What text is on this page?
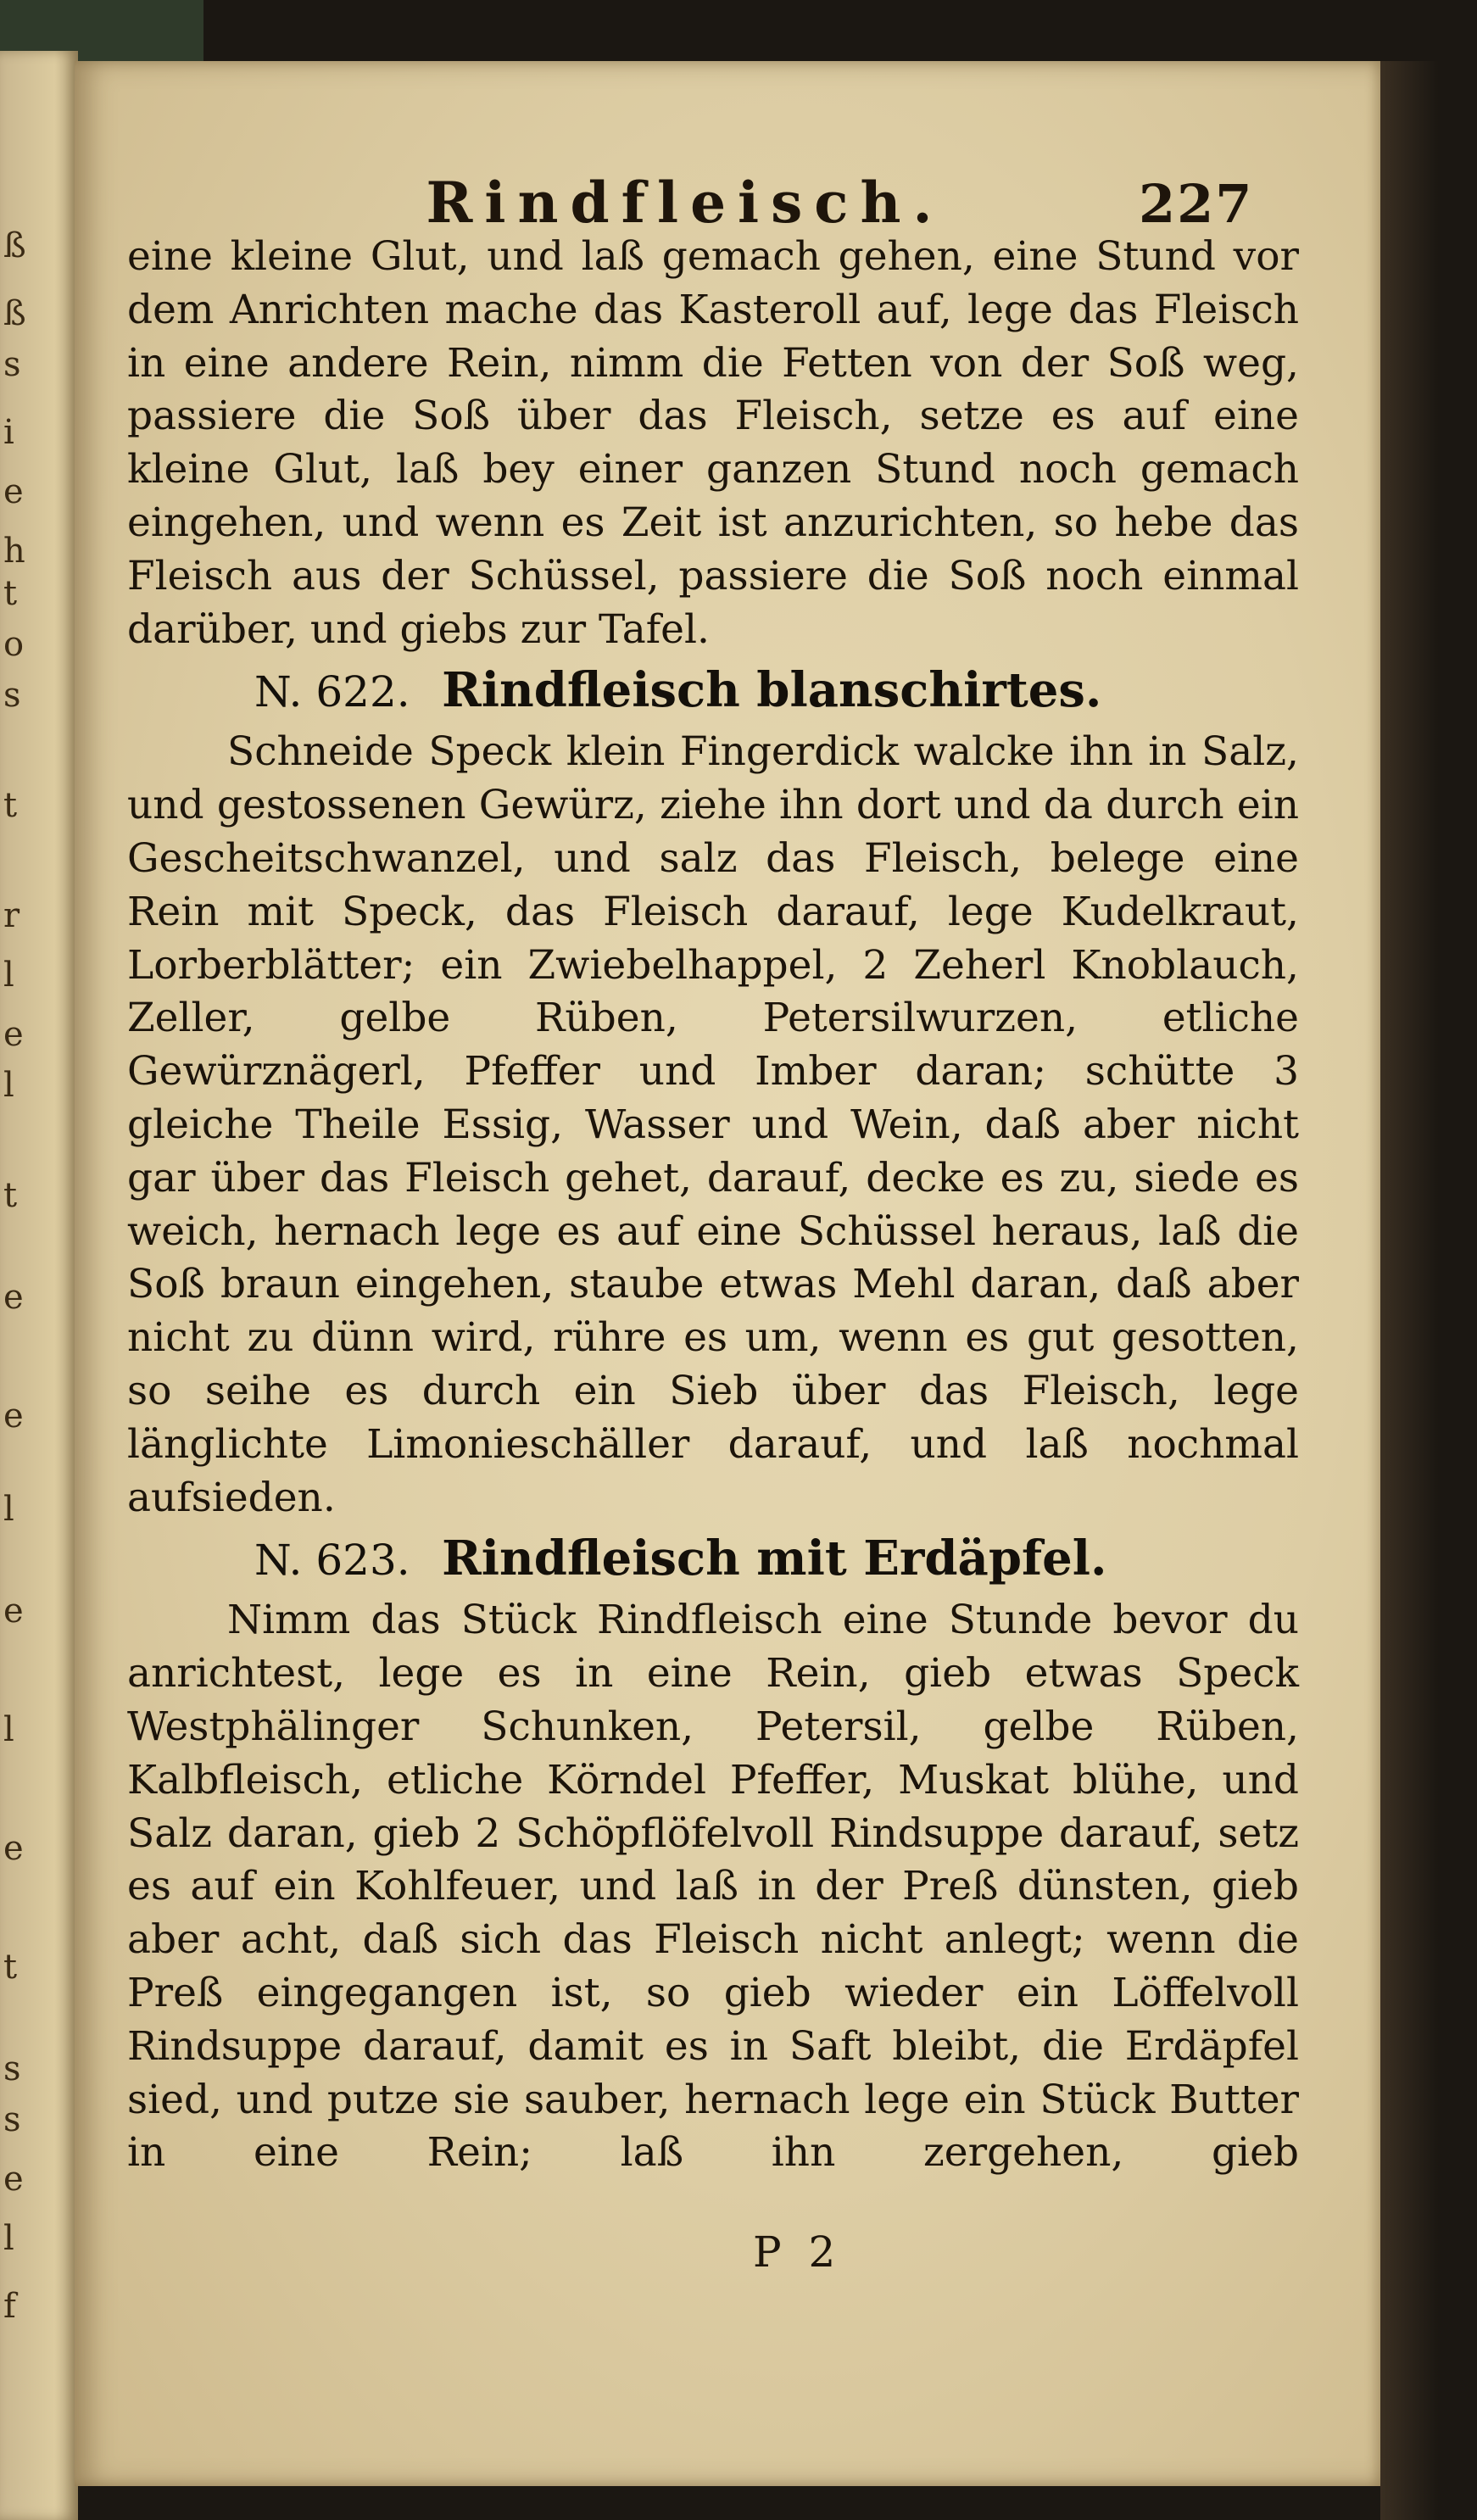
ß
ß
s
i
e
h
t
o
s
t
r
l
e
l
t
e
e
l
e
l
e
t
s
s
e
l
f
Rindfleisch.	227

eine kleine Glut, und laß gemach gehen, eine Stund vor dem Anrichten mache das Kasteroll auf, lege das Fleisch in eine andere Rein, nimm die Fetten von der Soß weg, passiere die Soß über das Fleisch, setze es auf eine kleine Glut, laß bey einer ganzen Stund noch gemach eingehen, und wenn es Zeit ist anzurichten, so hebe das Fleisch aus der Schüssel, passiere die Soß noch einmal darüber, und giebs zur Tafel.

N. 622. Rindfleisch blanschirtes.

Schneide Speck klein Fingerdick walcke ihn in Salz, und gestossenen Gewürz, ziehe ihn dort und da durch ein Gescheitschwanzel, und salz das Fleisch, belege eine Rein mit Speck, das Fleisch darauf, lege Kudelkraut, Lorberblätter; ein Zwiebelhappel, 2 Zeherl Knoblauch, Zeller, gelbe Rüben, Petersilwurzen, etliche Gewürznägerl, Pfeffer und Imber daran; schütte 3 gleiche Theile Essig, Wasser und Wein, daß aber nicht gar über das Fleisch gehet, darauf, decke es zu, siede es weich, hernach lege es auf eine Schüssel heraus, laß die Soß braun eingehen, staube etwas Mehl daran, daß aber nicht zu dünn wird, rühre es um, wenn es gut gesotten, so seihe es durch ein Sieb über das Fleisch, lege länglichte Limonieschäller darauf, und laß nochmal aufsieden.

N. 623. Rindfleisch mit Erdäpfel.

Nimm das Stück Rindfleisch eine Stunde bevor du anrichtest, lege es in eine Rein, gieb etwas Speck Westphälinger Schunken, Petersil, gelbe Rüben, Kalbfleisch, etliche Körndel Pfeffer, Muskat blühe, und Salz daran, gieb 2 Schöpflöfelvoll Rindsuppe darauf, setz es auf ein Kohlfeuer, und laß in der Preß dünsten, gieb aber acht, daß sich das Fleisch nicht anlegt; wenn die Preß eingegangen ist, so gieb wieder ein Löffelvoll Rindsuppe darauf, damit es in Saft bleibt, die Erdäpfel sied, und putze sie sauber, hernach lege ein Stück Butter in eine Rein; laß ihn zergehen, gieb

P 2
